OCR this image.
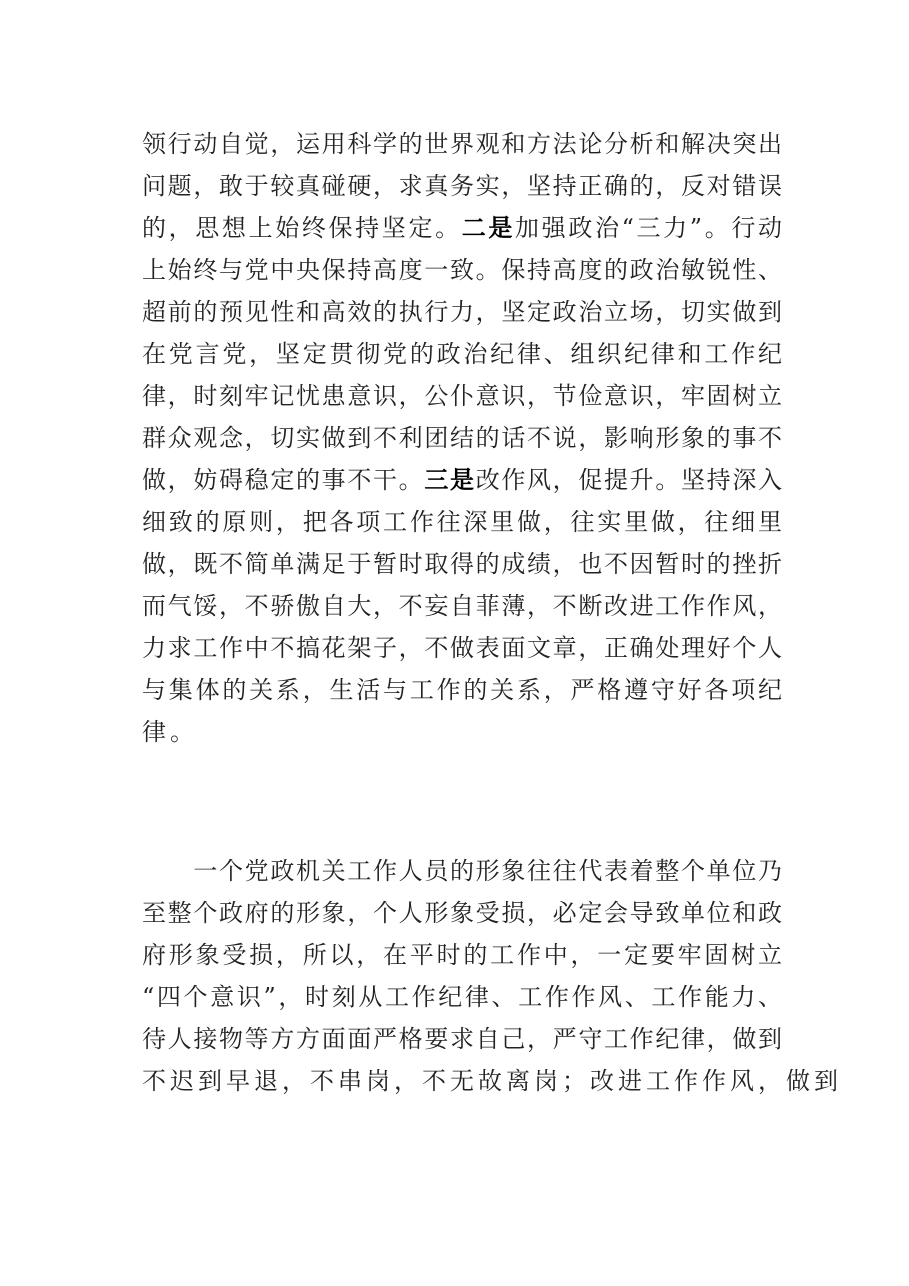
领行动自觉，运用科学的世界观和方法论分析和解决突出
问题，敢于较真碰硬，求真务实，坚持正确的，反对错误
的，思想上始终保持坚定。二是加强政治“三力”。行动
上始终与党中央保持高度一致。保持高度的政治敏锐性、
超前的预见性和高效的执行力，坚定政治立场，切实做到
在党言党，坚定贯彻党的政治纪律、组织纪律和工作纪
律，时刻牢记忧患意识，公仆意识，节俭意识，牢固树立
群众观念，切实做到不利团结的话不说，影响形象的事不
做，妨碍稳定的事不干。三是改作风，促提升。坚持深入
细致的原则，把各项工作往深里做，往实里做，往细里
做，既不简单满足于暂时取得的成绩，也不因暂时的挫折
而气馁，不骄傲自大，不妄自菲薄，不断改进工作作风，
力求工作中不搞花架子，不做表面文章，正确处理好个人
与集体的关系，生活与工作的关系，严格遵守好各项纪
律。
　　一个党政机关工作人员的形象往往代表着整个单位乃
至整个政府的形象，个人形象受损，必定会导致单位和政
府形象受损，所以，在平时的工作中，一定要牢固树立
“四个意识”，时刻从工作纪律、工作作风、工作能力、
待人接物等方方面面严格要求自己，严守工作纪律，做到
不迟到早退，不串岗，不无故离岗；改进工作作风，做到
